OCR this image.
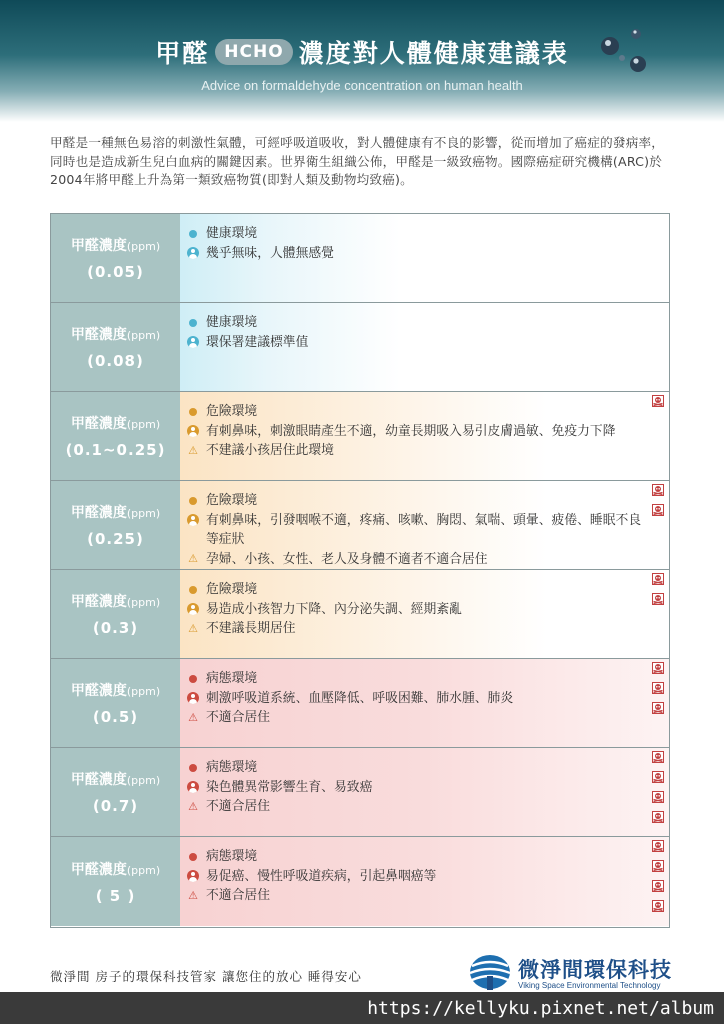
甲醛 HCHO 濃度對人體健康建議表
Advice on formaldehyde concentration on human health

甲醛是一種無色易溶的刺激性氣體，可經呼吸道吸收，對人體健康有不良的影響，從而增加了癌症的發病率，同時也是造成新生兒白血病的關鍵因素。世界衛生組織公佈，甲醛是一級致癌物。國際癌症研究機構(ARC)於2004年將甲醛上升為第一類致癌物質(即對人類及動物均致癌)。

甲醛濃度(ppm)
(0.05)
健康環境
幾乎無味，人體無感覺
甲醛濃度(ppm)
(0.08)
健康環境
環保署建議標準值
甲醛濃度(ppm)
(0.1~0.25)
危險環境
有刺鼻味，刺激眼睛產生不適，幼童長期吸入易引皮膚過敏、免疫力下降
⚠ 不建議小孩居住此環境
甲醛濃度(ppm)
(0.25)
危險環境
有刺鼻味，引發咽喉不適，疼痛、咳嗽、胸悶、氣喘、頭暈、疲倦、睡眠不良等症狀
⚠ 孕婦、小孩、女性、老人及身體不適者不適合居住
甲醛濃度(ppm)
(0.3)
危險環境
易造成小孩智力下降、內分泌失調、經期紊亂
⚠ 不建議長期居住
甲醛濃度(ppm)
(0.5)
病態環境
刺激呼吸道系統、血壓降低、呼吸困難、肺水腫、肺炎
⚠ 不適合居住
甲醛濃度(ppm)
(0.7)
病態環境
染色體異常影響生育、易致癌
⚠ 不適合居住
甲醛濃度(ppm)
( 5 )
病態環境
易促癌、慢性呼吸道疾病，引起鼻咽癌等
⚠ 不適合居住
微淨間 房子的環保科技管家 讓您住的放心 睡得安心	微淨間環保科技
Viking Space Environmental Technology
https://kellyku.pixnet.net/album
